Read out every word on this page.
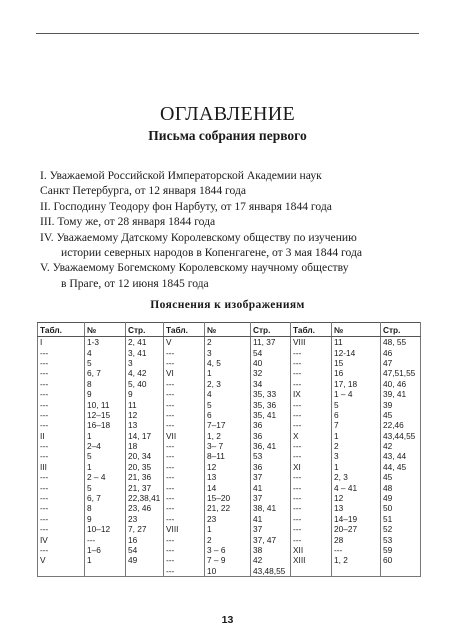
ОГЛАВЛЕНИЕ
Письма собрания первого
I. Уважаемой Российской Императорской Академии наук
Санкт Петербурга, от 12 января 1844 года
II. Господину Теодору фон Нарбуту, от 17 января 1844 года
III. Тому же, от 28 января 1844 года
IV. Уважаемому Датскому Королевскому обществу по изучению
истории северных народов в Копенгагене, от 3 мая 1844 года
V. Уважаемому Богемскому Королевскому научному обществу
в Праге, от 12 июня 1845 года
Пояснения к изображениям
Табл.	№	Стр.	Табл.	№	Стр.	Табл.	№	Стр.
I	1-3	2, 41	V	2	11, 37	VIII	11	48, 55
---	4	3, 41	---	3	54	---	12-14	46
---	5	3	---	4, 5	40	---	15	47
---	6, 7	4, 42	VI	1	32	---	16	47,51,55
---	8	5, 40	---	2, 3	34	---	17, 18	40, 46
---	9	9	---	4	35, 33	IX	1 – 4	39, 41
---	10, 11	11	---	5	35, 36	---	5	39
---	12–15	12	---	6	35, 41	---	6	45
---	16–18	13	---	7–17	36	---	7	22,46
II	1	14, 17	VII	1, 2	36	X	1	43,44,55
---	2–4	18	---	3– 7	36, 41	---	2	42
---	5	20, 34	---	8–11	53	---	3	43, 44
III	1	20, 35	---	12	36	XI	1	44, 45
---	2 – 4	21, 36	---	13	37	---	2, 3	45
---	5	21, 37	---	14	41	---	4 – 41	48
---	6, 7	22,38,41	---	15–20	37	---	12	49
---	8	23, 46	---	21, 22	38, 41	---	13	50
---	9	23	---	23	41	---	14–19	51
---	10–12	7, 27	VIII	1	37	---	20–27	52
IV	---	16	---	2	37, 47	---	28	53
---	1–6	54	---	3 – 6	38	ΧΙΙ	---	59
V	1	49	---	7 – 9	42	ΧΙΙΙ	1, 2	60
			---	10	43,48,55			
13
